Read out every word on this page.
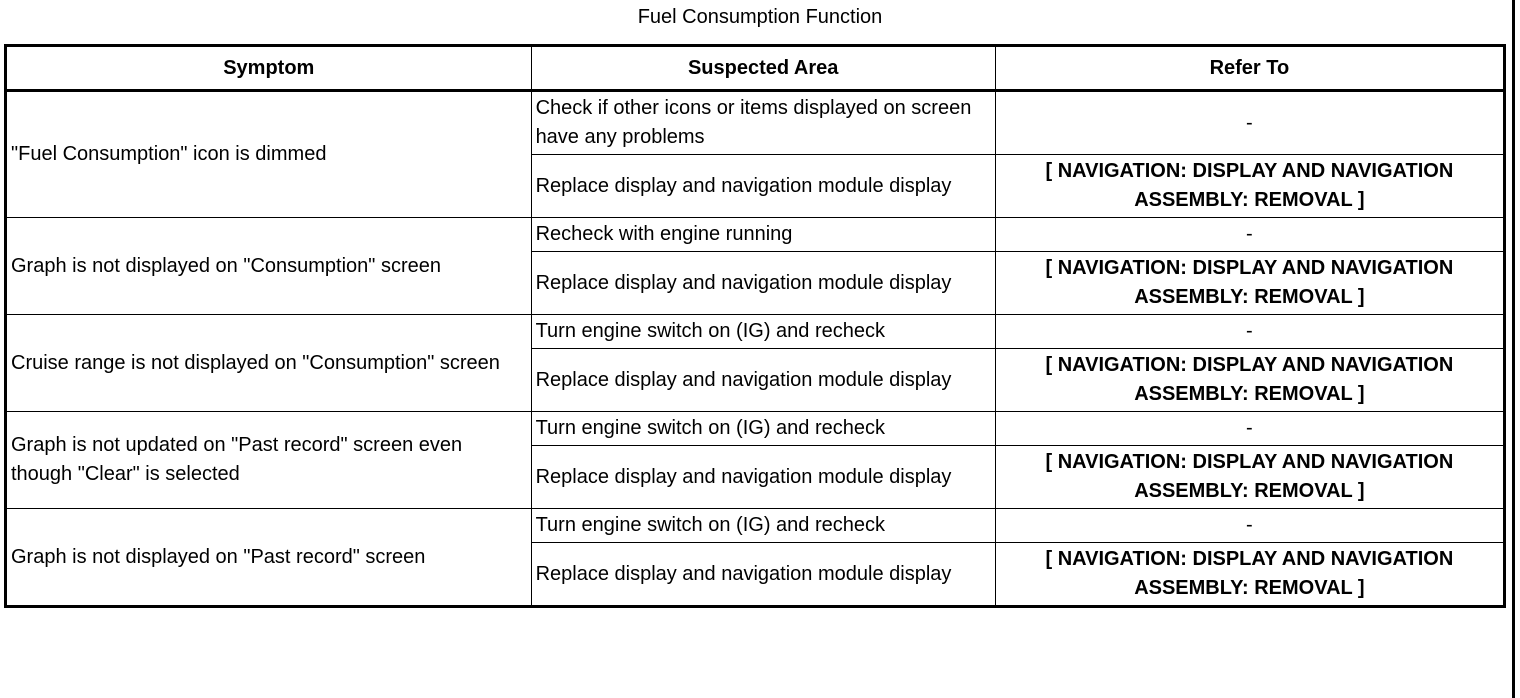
Fuel Consumption Function
Symptom	Suspected Area	Refer To
"Fuel Consumption" icon is dimmed	Check if other icons or items displayed on screen have any problems	-
	Replace display and navigation module display	[ NAVIGATION: DISPLAY AND NAVIGATION ASSEMBLY: REMOVAL ]
Graph is not displayed on "Consumption" screen	Recheck with engine running	-
	Replace display and navigation module display	[ NAVIGATION: DISPLAY AND NAVIGATION ASSEMBLY: REMOVAL ]
Cruise range is not displayed on "Consumption" screen	Turn engine switch on (IG) and recheck	-
	Replace display and navigation module display	[ NAVIGATION: DISPLAY AND NAVIGATION ASSEMBLY: REMOVAL ]
Graph is not updated on "Past record" screen even though "Clear" is selected	Turn engine switch on (IG) and recheck	-
	Replace display and navigation module display	[ NAVIGATION: DISPLAY AND NAVIGATION ASSEMBLY: REMOVAL ]
Graph is not displayed on "Past record" screen	Turn engine switch on (IG) and recheck	-
	Replace display and navigation module display	[ NAVIGATION: DISPLAY AND NAVIGATION ASSEMBLY: REMOVAL ]
